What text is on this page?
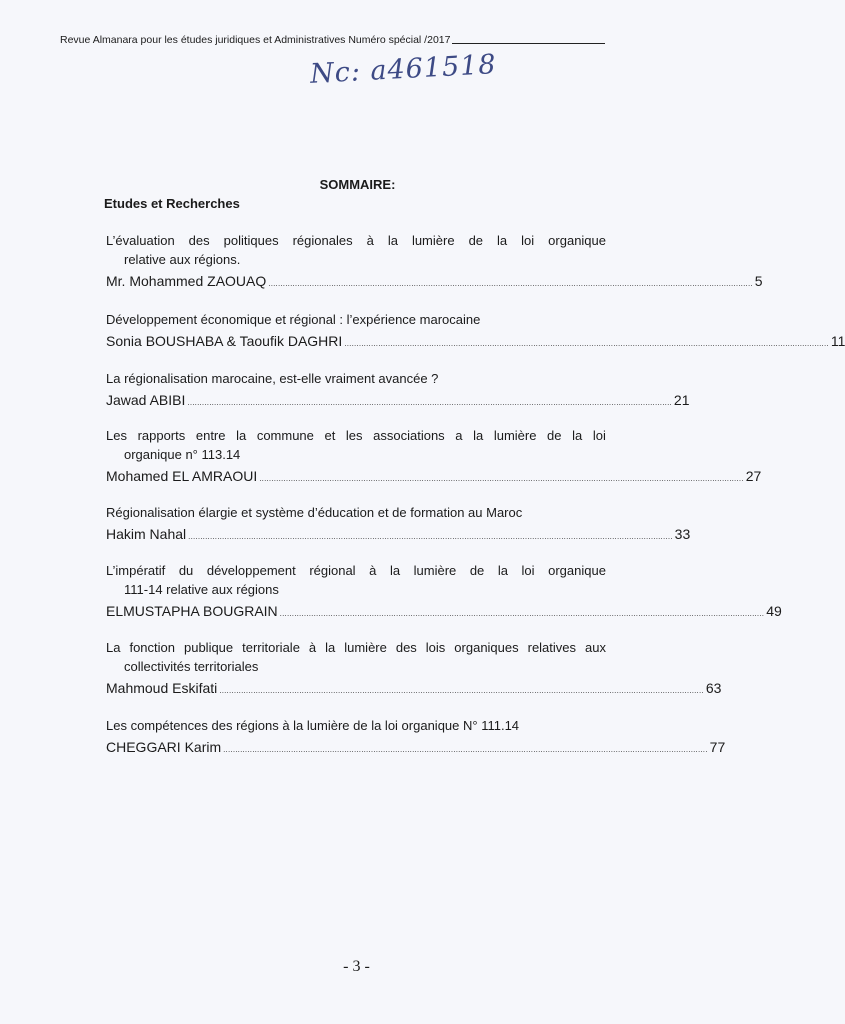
Revue Almanara pour les études juridiques et Administratives Numéro spécial /2017
Nc: a461518
SOMMAIRE:
Etudes et Recherches
L’évaluation des politiques régionales à la lumière de la loi organique
relative aux régions.
Mr. Mohammed ZAOUAQ ........................................................................................................................................................................................................ 5
Développement économique et régional : l’expérience marocaine
Sonia BOUSHABA & Taoufik DAGHRI ........................................................................................................................................................................................................ 11
La régionalisation marocaine, est-elle vraiment avancée ?
Jawad ABIBI ........................................................................................................................................................................................................ 21
Les rapports entre la commune et les associations a la lumière de la loi
organique n° 113.14
Mohamed EL AMRAOUI ........................................................................................................................................................................................................ 27
Régionalisation élargie et système d’éducation et de formation au Maroc
Hakim Nahal ........................................................................................................................................................................................................ 33
L’impératif du développement régional à la lumière de la loi organique
111-14 relative aux régions
ELMUSTAPHA BOUGRAIN ........................................................................................................................................................................................................ 49
La fonction publique territoriale à la lumière des lois organiques relatives aux
collectivités territoriales
Mahmoud Eskifati ........................................................................................................................................................................................................ 63
Les compétences des régions à la lumière de la loi organique N° 111.14
CHEGGARI Karim ........................................................................................................................................................................................................ 77
- 3 -
